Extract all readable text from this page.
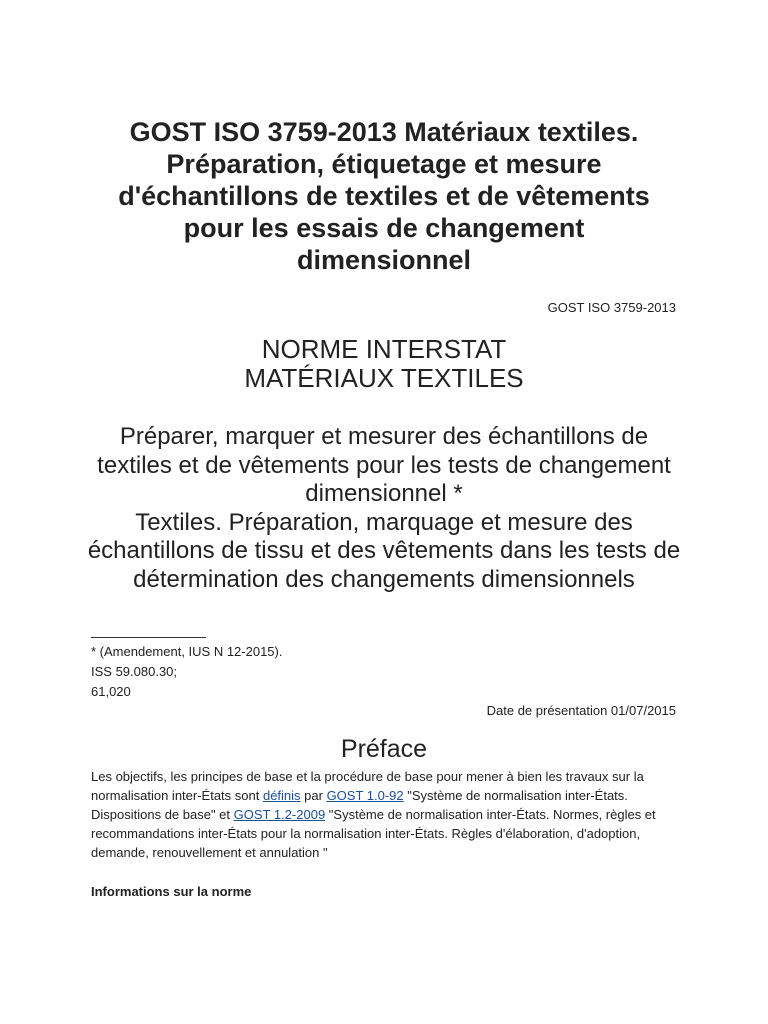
GOST ISO 3759-2013 Matériaux textiles. Préparation, étiquetage et mesure d'échantillons de textiles et de vêtements pour les essais de changement dimensionnel
GOST ISO 3759-2013
NORME INTERSTAT
MATÉRIAUX TEXTILES
Préparer, marquer et mesurer des échantillons de textiles et de vêtements pour les tests de changement dimensionnel *
Textiles. Préparation, marquage et mesure des échantillons de tissu et des vêtements dans les tests de détermination des changements dimensionnels
* (Amendement, IUS N 12-2015).
ISS 59.080.30;
61,020
Date de présentation 01/07/2015
Préface

Les objectifs, les principes de base et la procédure de base pour mener à bien les travaux sur la normalisation inter-États sont définis par GOST 1.0-92 "Système de normalisation inter-États. Dispositions de base" et GOST 1.2-2009 "Système de normalisation inter-États. Normes, règles et recommandations inter-États pour la normalisation inter-États. Règles d'élaboration, d'adoption, demande, renouvellement et annulation "

Informations sur la norme
